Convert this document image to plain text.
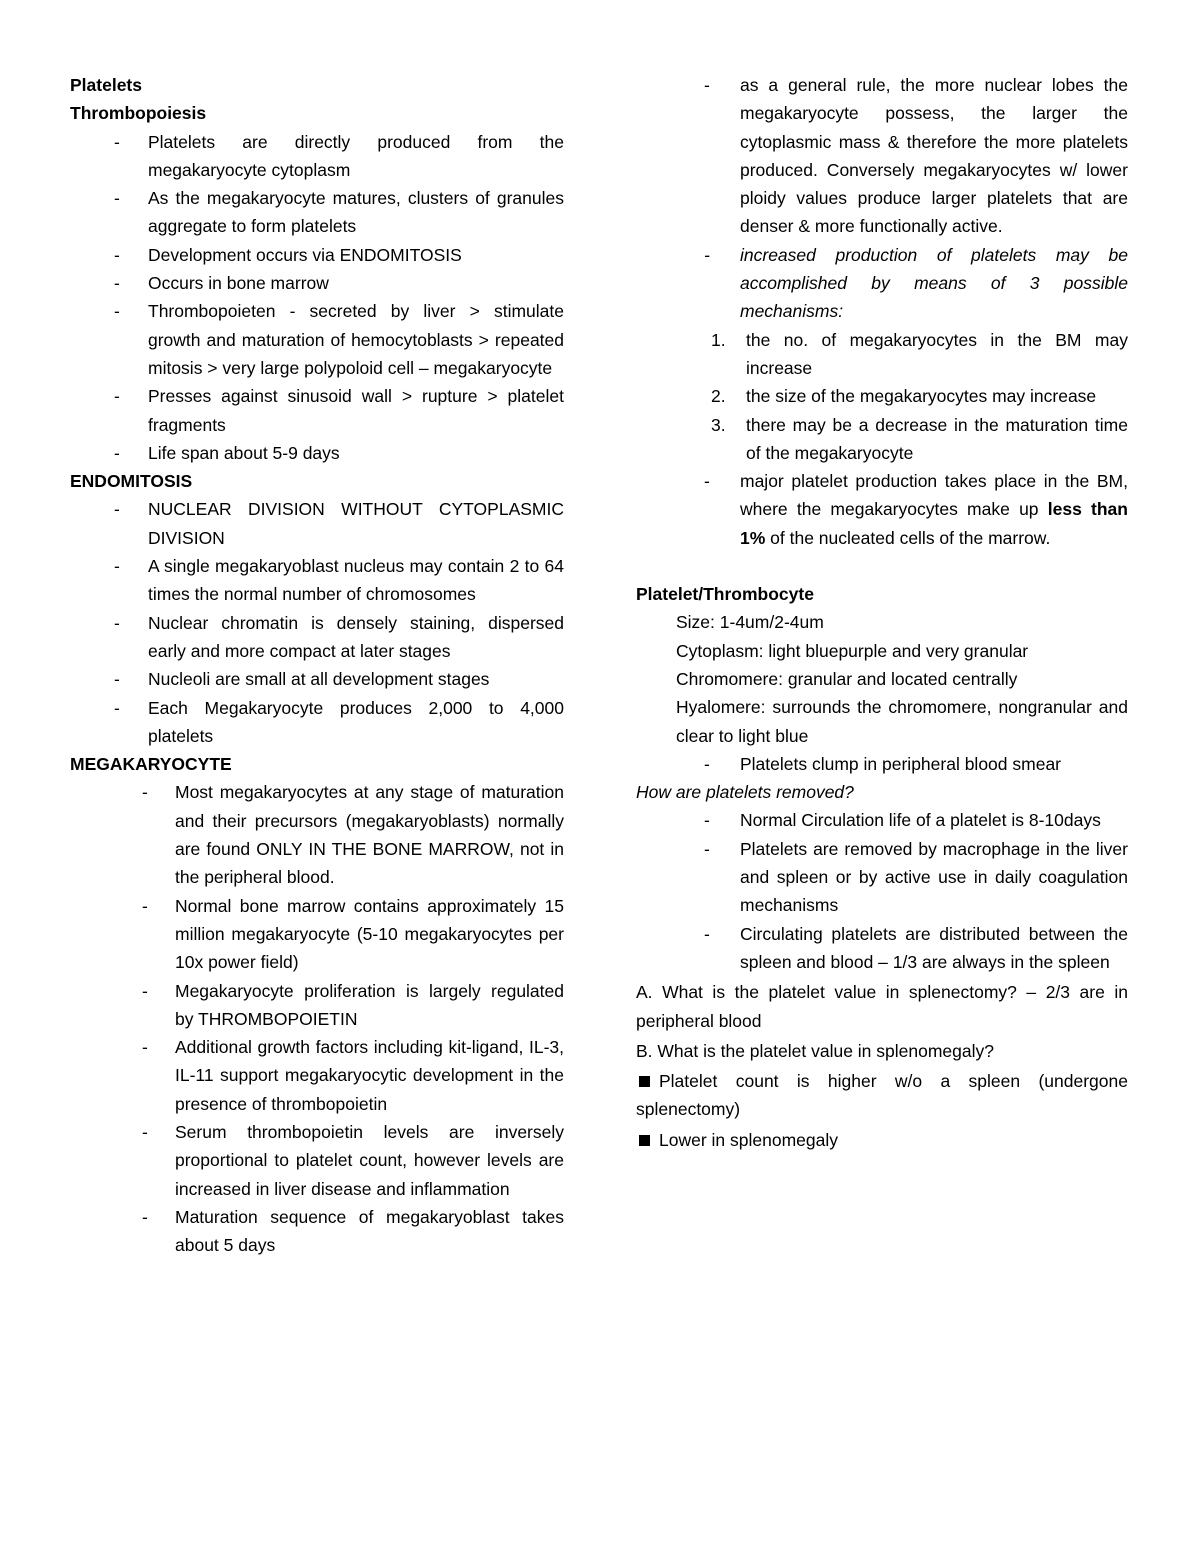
Platelets
Thrombopoiesis
- Platelets are directly produced from the megakaryocyte cytoplasm
- As the megakaryocyte matures, clusters of granules aggregate to form platelets
- Development occurs via ENDOMITOSIS
- Occurs in bone marrow
- Thrombopoieten - secreted by liver > stimulate growth and maturation of hemocytoblasts > repeated mitosis > very large polypoloid cell – megakaryocyte
- Presses against sinusoid wall > rupture > platelet fragments
- Life span about 5-9 days
ENDOMITOSIS
- NUCLEAR DIVISION WITHOUT CYTOPLASMIC DIVISION
- A single megakaryoblast nucleus may contain 2 to 64 times the normal number of chromosomes
- Nuclear chromatin is densely staining, dispersed early and more compact at later stages
- Nucleoli are small at all development stages
- Each Megakaryocyte produces 2,000 to 4,000 platelets
MEGAKARYOCYTE
- Most megakaryocytes at any stage of maturation and their precursors (megakaryoblasts) normally are found ONLY IN THE BONE MARROW, not in the peripheral blood.
- Normal bone marrow contains approximately 15 million megakaryocyte (5-10 megakaryocytes per 10x power field)
- Megakaryocyte proliferation is largely regulated by THROMBOPOIETIN
- Additional growth factors including kit-ligand, IL-3, IL-11 support megakaryocytic development in the presence of thrombopoietin
- Serum thrombopoietin levels are inversely proportional to platelet count, however levels are increased in liver disease and inflammation
- Maturation sequence of megakaryoblast takes about 5 days
- as a general rule, the more nuclear lobes the megakaryocyte possess, the larger the cytoplasmic mass & therefore the more platelets produced. Conversely megakaryocytes w/ lower ploidy values produce larger platelets that are denser & more functionally active.
- increased production of platelets may be accomplished by means of 3 possible mechanisms:
1. the no. of megakaryocytes in the BM may increase
2. the size of the megakaryocytes may increase
3. there may be a decrease in the maturation time of the megakaryocyte
- major platelet production takes place in the BM, where the megakaryocytes make up less than 1% of the nucleated cells of the marrow.
Platelet/Thrombocyte
Size: 1-4um/2-4um
Cytoplasm: light bluepurple and very granular
Chromomere: granular and located centrally
Hyalomere: surrounds the chromomere, nongranular and clear to light blue
- Platelets clump in peripheral blood smear
How are platelets removed?
- Normal Circulation life of a platelet is 8-10days
- Platelets are removed by macrophage in the liver and spleen or by active use in daily coagulation mechanisms
- Circulating platelets are distributed between the spleen and blood – 1/3 are always in the spleen
A. What is the platelet value in splenectomy? – 2/3 are in peripheral blood
B. What is the platelet value in splenomegaly?
Platelet count is higher w/o a spleen (undergone splenectomy)
Lower in splenomegaly
